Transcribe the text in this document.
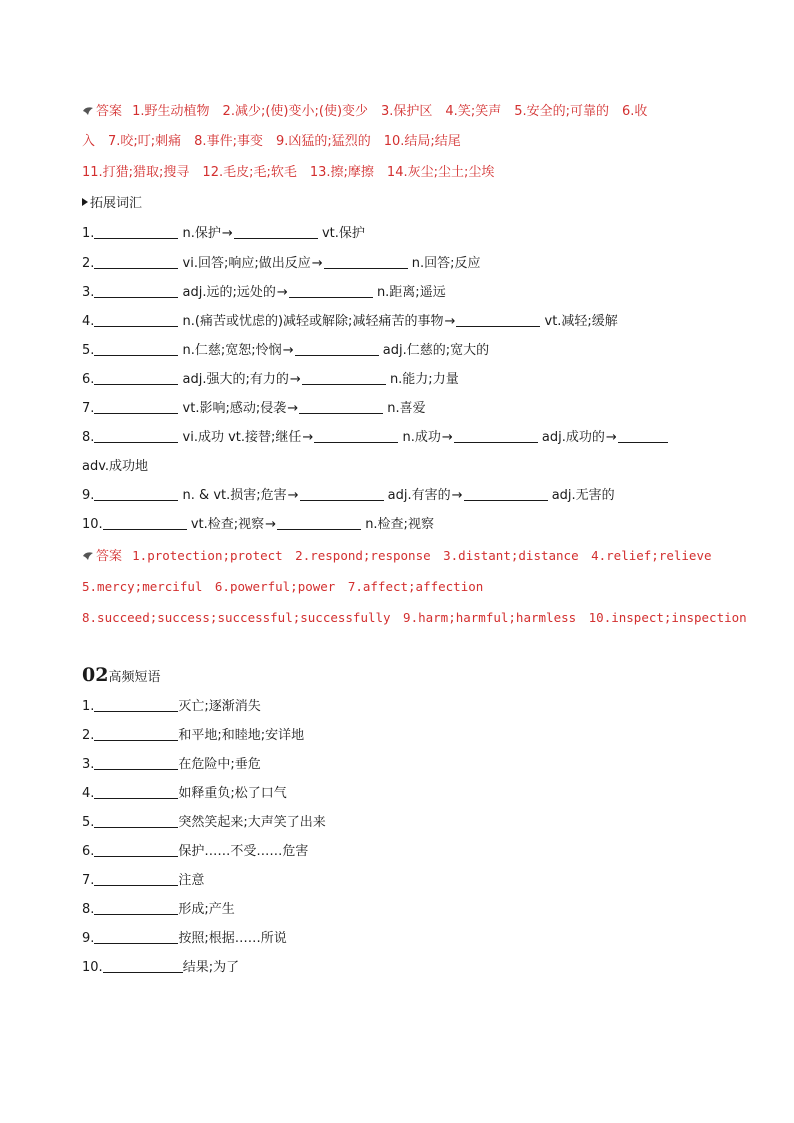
答案 1.野生动植物　2.减少;(使)变小;(使)变少　3.保护区　4.笑;笑声　5.安全的;可靠的　6.收
入　7.咬;叮;刺痛　8.事件;事变　9.凶猛的;猛烈的　10.结局;结尾
11.打猎;猎取;搜寻　12.毛皮;毛;软毛　13.擦;摩擦　14.灰尘;尘土;尘埃
拓展词汇
1.	n.保护→	vt.保护
2.	vi.回答;响应;做出反应→	n.回答;反应
3.	adj.远的;远处的→	n.距离;遥远
4.	n.(痛苦或忧虑的)减轻或解除;减轻痛苦的事物→	vt.减轻;缓解
5.	n.仁慈;宽恕;怜悯→	adj.仁慈的;宽大的
6.	adj.强大的;有力的→	n.能力;力量
7.	vt.影响;感动;侵袭→	n.喜爱
8.	vi.成功 vt.接替;继任→	n.成功→	adj.成功的→
adv.成功地
9.	n. & vt.损害;危害→	adj.有害的→	adj.无害的
10.	vt.检查;视察→	n.检查;视察
答案 1.protection;protect　2.respond;response　3.distant;distance　4.relief;relieve
5.mercy;merciful　6.powerful;power　7.affect;affection
8.succeed;success;successful;successfully　9.harm;harmful;harmless　10.inspect;inspection
02高频短语
1.	灭亡;逐渐消失
2.	和平地;和睦地;安详地
3.	在危险中;垂危
4.	如释重负;松了口气
5.	突然笑起来;大声笑了出来
6.	保护……不受……危害
7.	注意
8.	形成;产生
9.	按照;根据……所说
10.	结果;为了
